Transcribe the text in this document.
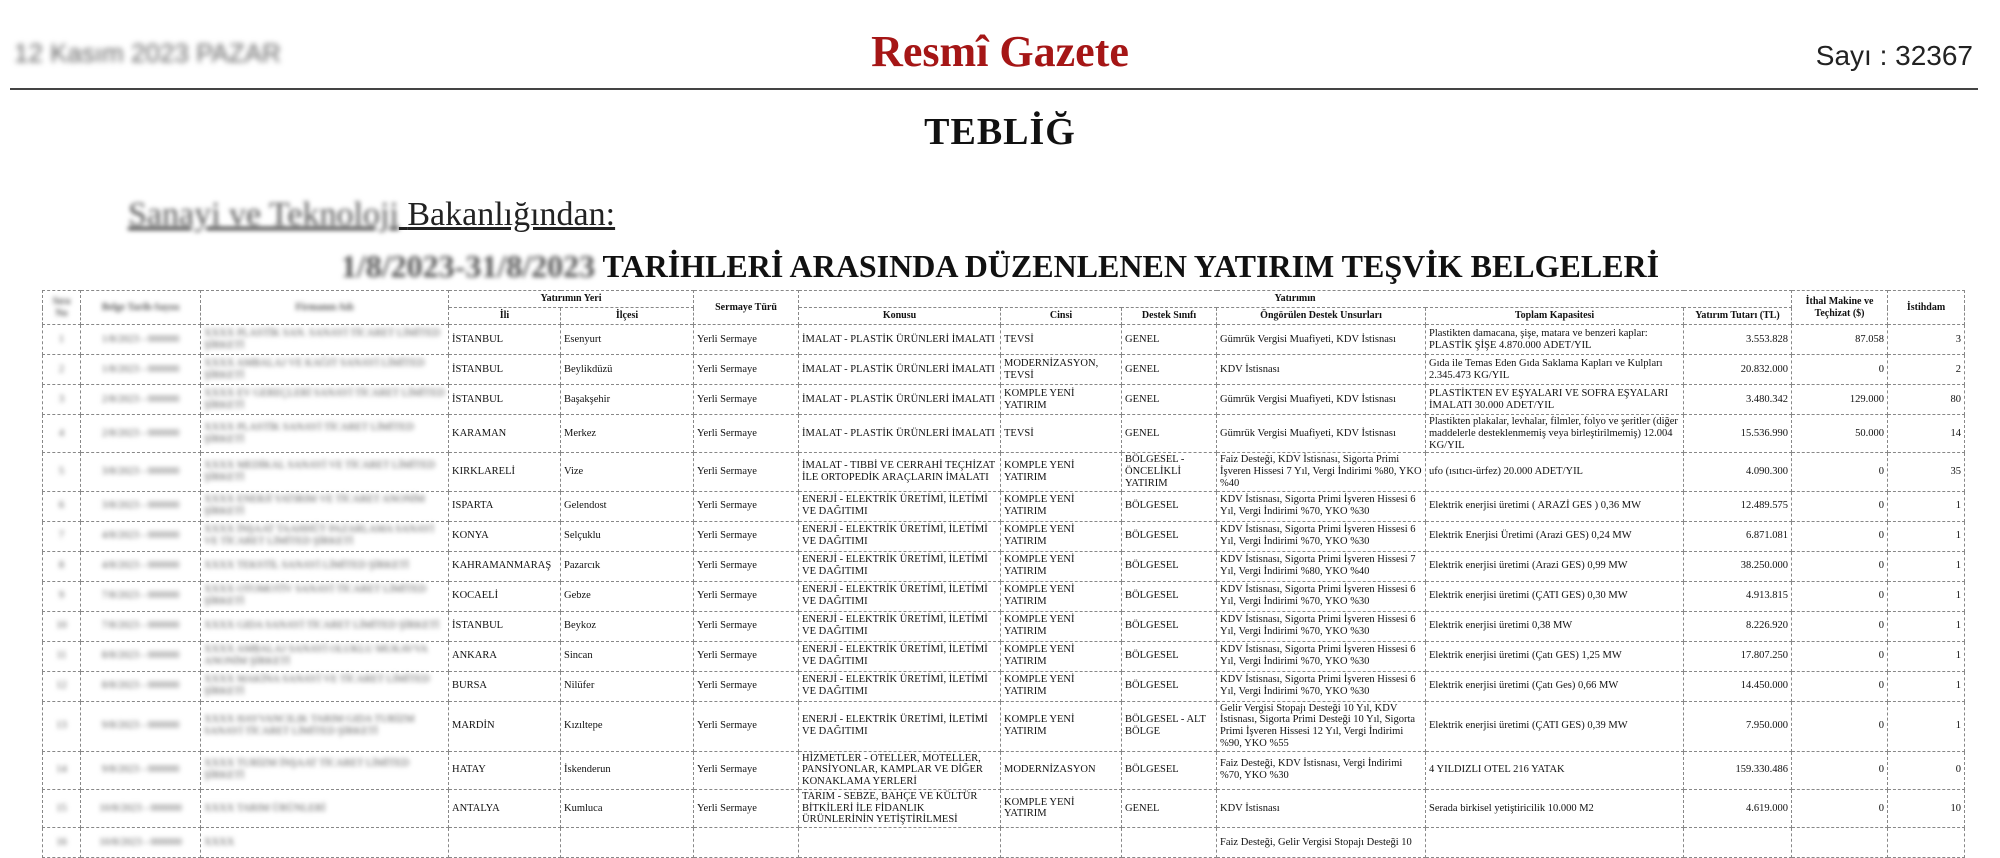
12 Kasım 2023 PAZAR	Resmî Gazete	Sayı : 32367
TEBLİĞ
Sanayi ve Teknoloji Bakanlığından:
1/8/2023-31/8/2023 TARİHLERİ ARASINDA DÜZENLENEN YATIRIM TEŞVİK BELGELERİ
Sıra No	Belge Tarih-Sayısı	Firmanın Adı	Yatırımın Yeri		Sermaye Türü	Yatırımın						İthal Makine ve Teçhizat ($)	İstihdam
			İli	İlçesi		Konusu	Cinsi	Destek Sınıfı	Öngörülen Destek Unsurları	Toplam Kapasitesi	Yatırım Tutarı (TL)		
1	1/8/2023 - 000000	XXXX PLASTİK SAN. SANAYİ TİCARET LİMİTED ŞİRKETİ	İSTANBUL	Esenyurt	Yerli Sermaye	İMALAT - PLASTİK ÜRÜNLERİ İMALATI	TEVSİ	GENEL	Gümrük Vergisi Muafiyeti, KDV İstisnası	Plastikten damacana, şişe, matara ve benzeri kaplar: PLASTİK ŞİŞE 4.870.000 ADET/YIL	3.553.828	87.058	3
2	1/8/2023 - 000000	XXXX AMBALAJ VE KAĞIT SANAYİ LİMİTED ŞİRKETİ	İSTANBUL	Beylikdüzü	Yerli Sermaye	İMALAT - PLASTİK ÜRÜNLERİ İMALATI	MODERNİZASYON, TEVSİ	GENEL	KDV İstisnası	Gıda ile Temas Eden Gıda Saklama Kapları ve Kulpları 2.345.473 KG/YIL	20.832.000	0	2
3	2/8/2023 - 000000	XXXX EV GEREÇLERİ SANAYİ TİCARET LİMİTED ŞİRKETİ	İSTANBUL	Başakşehir	Yerli Sermaye	İMALAT - PLASTİK ÜRÜNLERİ İMALATI	KOMPLE YENİ YATIRIM	GENEL	Gümrük Vergisi Muafiyeti, KDV İstisnası	PLASTİKTEN EV EŞYALARI VE SOFRA EŞYALARI İMALATI 30.000 ADET/YIL	3.480.342	129.000	80
4	2/8/2023 - 000000	XXXX PLASTİK SANAYİ TİCARET LİMİTED ŞİRKETİ	KARAMAN	Merkez	Yerli Sermaye	İMALAT - PLASTİK ÜRÜNLERİ İMALATI	TEVSİ	GENEL	Gümrük Vergisi Muafiyeti, KDV İstisnası	Plastikten plakalar, levhalar, filmler, folyo ve şeritler (diğer maddelerle desteklenmemiş veya birleştirilmemiş) 12.004 KG/YIL	15.536.990	50.000	14
5	3/8/2023 - 000000	XXXX MEDİKAL SANAYİ VE TİCARET LİMİTED ŞİRKETİ	KIRKLARELİ	Vize	Yerli Sermaye	İMALAT - TIBBİ VE CERRAHİ TEÇHİZAT İLE ORTOPEDİK ARAÇLARIN İMALATI	KOMPLE YENİ YATIRIM	BÖLGESEL - ÖNCELİKLİ YATIRIM	Faiz Desteği, KDV İstisnası, Sigorta Primi İşveren Hissesi 7 Yıl, Vergi İndirimi %80, YKO %40	ufo (ısıtıcı-ürfez) 20.000 ADET/YIL	4.090.300	0	35
6	3/8/2023 - 000000	XXXX ENERJİ YATIRIM VE TİCARET ANONİM ŞİRKETİ	ISPARTA	Gelendost	Yerli Sermaye	ENERJİ - ELEKTRİK ÜRETİMİ, İLETİMİ VE DAĞITIMI	KOMPLE YENİ YATIRIM	BÖLGESEL	KDV İstisnası, Sigorta Primi İşveren Hissesi 6 Yıl, Vergi İndirimi %70, YKO %30	Elektrik enerjisi üretimi ( ARAZİ GES ) 0,36 MW	12.489.575	0	1
7	4/8/2023 - 000000	XXXX İNŞAAT TAAHHÜT PAZARLAMA SANAYİ VE TİCARET LİMİTED ŞİRKETİ	KONYA	Selçuklu	Yerli Sermaye	ENERJİ - ELEKTRİK ÜRETİMİ, İLETİMİ VE DAĞITIMI	KOMPLE YENİ YATIRIM	BÖLGESEL	KDV İstisnası, Sigorta Primi İşveren Hissesi 6 Yıl, Vergi İndirimi %70, YKO %30	Elektrik Enerjisi Üretimi (Arazi GES) 0,24 MW	6.871.081	0	1
8	4/8/2023 - 000000	XXXX TEKSTİL SANAYİ LİMİTED ŞİRKETİ	KAHRAMANMARAŞ	Pazarcık	Yerli Sermaye	ENERJİ - ELEKTRİK ÜRETİMİ, İLETİMİ VE DAĞITIMI	KOMPLE YENİ YATIRIM	BÖLGESEL	KDV İstisnası, Sigorta Primi İşveren Hissesi 7 Yıl, Vergi İndirimi %80, YKO %40	Elektrik enerjisi üretimi (Arazi GES) 0,99 MW	38.250.000	0	1
9	7/8/2023 - 000000	XXXX OTOMOTİV SANAYİ TİCARET LİMİTED ŞİRKETİ	KOCAELİ	Gebze	Yerli Sermaye	ENERJİ - ELEKTRİK ÜRETİMİ, İLETİMİ VE DAĞITIMI	KOMPLE YENİ YATIRIM	BÖLGESEL	KDV İstisnası, Sigorta Primi İşveren Hissesi 6 Yıl, Vergi İndirimi %70, YKO %30	Elektrik enerjisi üretimi (ÇATI GES) 0,30 MW	4.913.815	0	1
10	7/8/2023 - 000000	XXXX GIDA SANAYİ TİCARET LİMİTED ŞİRKETİ	İSTANBUL	Beykoz	Yerli Sermaye	ENERJİ - ELEKTRİK ÜRETİMİ, İLETİMİ VE DAĞITIMI	KOMPLE YENİ YATIRIM	BÖLGESEL	KDV İstisnası, Sigorta Primi İşveren Hissesi 6 Yıl, Vergi İndirimi %70, YKO %30	Elektrik enerjisi üretimi 0,38 MW	8.226.920	0	1
11	8/8/2023 - 000000	XXXX AMBALAJ SANAYİ OLUKLU MUKAVVA ANONİM ŞİRKETİ	ANKARA	Sincan	Yerli Sermaye	ENERJİ - ELEKTRİK ÜRETİMİ, İLETİMİ VE DAĞITIMI	KOMPLE YENİ YATIRIM	BÖLGESEL	KDV İstisnası, Sigorta Primi İşveren Hissesi 6 Yıl, Vergi İndirimi %70, YKO %30	Elektrik enerjisi üretimi (Çatı GES) 1,25 MW	17.807.250	0	1
12	8/8/2023 - 000000	XXXX MAKİNA SANAYİ VE TİCARET LİMİTED ŞİRKETİ	BURSA	Nilüfer	Yerli Sermaye	ENERJİ - ELEKTRİK ÜRETİMİ, İLETİMİ VE DAĞITIMI	KOMPLE YENİ YATIRIM	BÖLGESEL	KDV İstisnası, Sigorta Primi İşveren Hissesi 6 Yıl, Vergi İndirimi %70, YKO %30	Elektrik enerjisi üretimi (Çatı Ges) 0,66 MW	14.450.000	0	1
13	9/8/2023 - 000000	XXXX HAYVANCILIK TARIM GIDA TURİZM SANAYİ TİCARET LİMİTED ŞİRKETİ	MARDİN	Kızıltepe	Yerli Sermaye	ENERJİ - ELEKTRİK ÜRETİMİ, İLETİMİ VE DAĞITIMI	KOMPLE YENİ YATIRIM	BÖLGESEL - ALT BÖLGE	Gelir Vergisi Stopajı Desteği 10 Yıl, KDV İstisnası, Sigorta Primi Desteği 10 Yıl, Sigorta Primi İşveren Hissesi 12 Yıl, Vergi İndirimi %90, YKO %55	Elektrik enerjisi üretimi (ÇATI GES) 0,39 MW	7.950.000	0	1
14	9/8/2023 - 000000	XXXX TURİZM İNŞAAT TİCARET LİMİTED ŞİRKETİ	HATAY	İskenderun	Yerli Sermaye	HİZMETLER - OTELLER, MOTELLER, PANSİYONLAR, KAMPLAR VE DİĞER KONAKLAMA YERLERİ	MODERNİZASYON	BÖLGESEL	Faiz Desteği, KDV İstisnası, Vergi İndirimi %70, YKO %30	4 YILDIZLI OTEL 216 YATAK	159.330.486	0	0
15	10/8/2023 - 000000	XXXX TARIM ÜRÜNLERİ	ANTALYA	Kumluca	Yerli Sermaye	TARIM - SEBZE, BAHÇE VE KÜLTÜR BİTKİLERİ İLE FİDANLIK ÜRÜNLERİNİN YETİŞTİRİLMESİ	KOMPLE YENİ YATIRIM	GENEL	KDV İstisnası	Serada birkisel yetiştiricilik 10.000 M2	4.619.000	0	10
16	10/8/2023 - 000000	XXXX							Faiz Desteği, Gelir Vergisi Stopajı Desteği 10				
